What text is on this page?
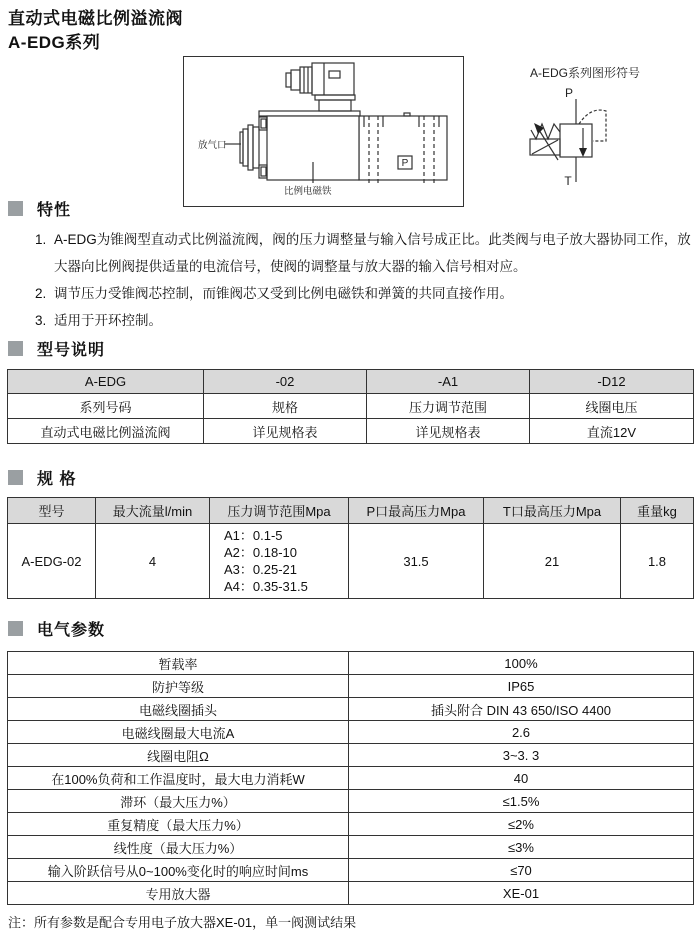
直动式电磁比例溢流阀
A-EDG系列
P
放气口
比例电磁铁
A-EDG系列图形符号
P
T
特性
1. A-EDG为锥阀型直动式比例溢流阀，阀的压力调整量与输入信号成正比。此类阀与电子放大器协同工作，放大器向比例阀提供适量的电流信号，使阀的调整量与放大器的输入信号相对应。
2. 调节压力受锥阀芯控制，而锥阀芯又受到比例电磁铁和弹簧的共同直接作用。
3. 适用于开环控制。
型号说明
A-EDG	-02	-A1	-D12
系列号码	规格	压力调节范围	线圈电压
直动式电磁比例溢流阀	详见规格表	详见规格表	直流12V
规 格
型号	最大流量l/min	压力调节范围Mpa	P口最高压力Mpa	T口最高压力Mpa	重量kg
A-EDG-02	4	A1：0.1-5
A2：0.18-10
A3：0.25-21
A4：0.35-31.5	31.5	21	1.8
电气参数
暂载率	100%
防护等级	IP65
电磁线圈插头	插头附合 DIN 43 650/ISO 4400
电磁线圈最大电流A	2.6
线圈电阻Ω	3~3. 3
在100%负荷和工作温度时，最大电力消耗W	40
滞环（最大压力%）	≤1.5%
重复精度（最大压力%）	≤2%
线性度（最大压力%）	≤3%
输入阶跃信号从0~100%变化时的响应时间ms	≤70
专用放大器	XE-01
注：所有参数是配合专用电子放大器XE-01，单一阀测试结果
